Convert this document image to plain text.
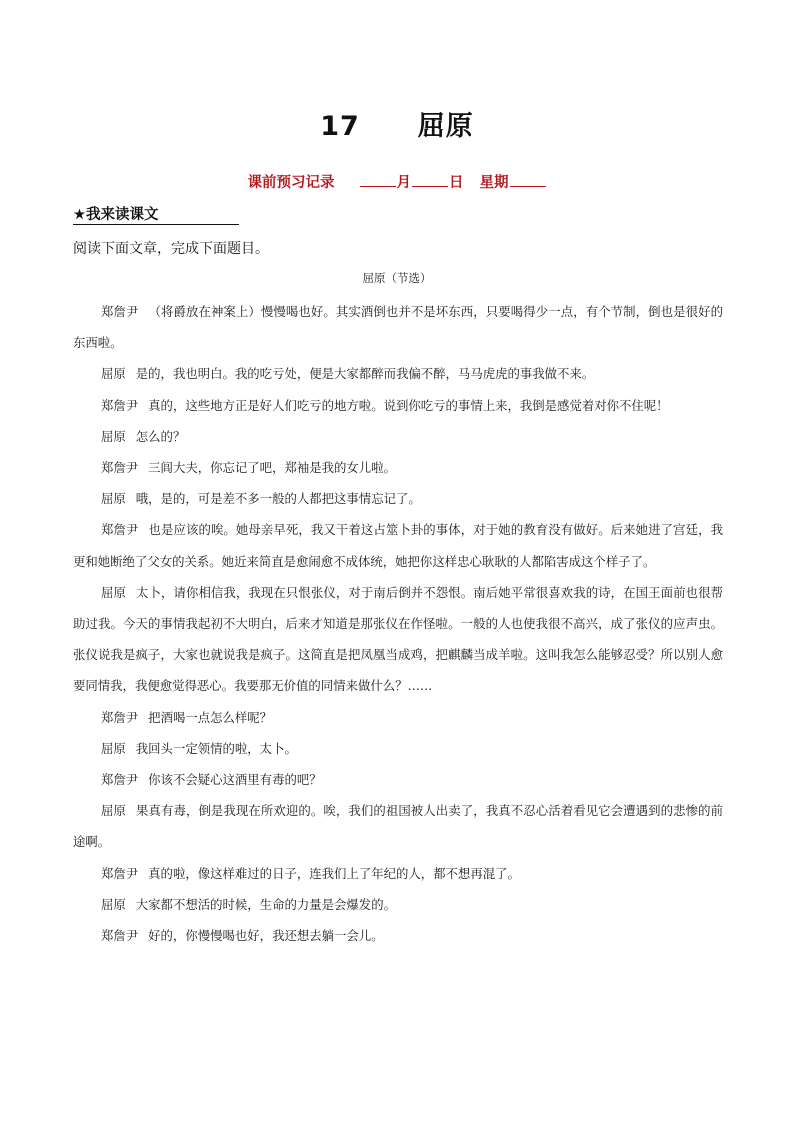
17 屈原
课前预习记录	月	日 星期
★我来读课文
阅读下面文章，完成下面题目。
屈原（节选）

郑詹尹 （将爵放在神案上）慢慢喝也好。其实酒倒也并不是坏东西，只要喝得少一点，有个节制，倒也是很好的东西啦。

屈原 是的，我也明白。我的吃亏处，便是大家都醉而我偏不醉，马马虎虎的事我做不来。

郑詹尹 真的，这些地方正是好人们吃亏的地方啦。说到你吃亏的事情上来，我倒是感觉着对你不住呢！

屈原 怎么的？

郑詹尹 三闾大夫，你忘记了吧，郑袖是我的女儿啦。

屈原 哦，是的，可是差不多一般的人都把这事情忘记了。

郑詹尹 也是应该的唉。她母亲早死，我又干着这占筮卜卦的事体，对于她的教育没有做好。后来她进了宫廷，我更和她断绝了父女的关系。她近来简直是愈闹愈不成体统，她把你这样忠心耿耿的人都陷害成这个样子了。

屈原 太卜，请你相信我，我现在只恨张仪，对于南后倒并不怨恨。南后她平常很喜欢我的诗，在国王面前也很帮助过我。今天的事情我起初不大明白，后来才知道是那张仪在作怪啦。一般的人也使我很不高兴，成了张仪的应声虫。张仪说我是疯子，大家也就说我是疯子。这简直是把凤凰当成鸡，把麒麟当成羊啦。这叫我怎么能够忍受？所以别人愈要同情我，我便愈觉得恶心。我要那无价值的同情来做什么？……

郑詹尹 把酒喝一点怎么样呢？

屈原 我回头一定领情的啦，太卜。

郑詹尹 你该不会疑心这酒里有毒的吧？

屈原 果真有毒，倒是我现在所欢迎的。唉，我们的祖国被人出卖了，我真不忍心活着看见它会遭遇到的悲惨的前途啊。

郑詹尹 真的啦，像这样难过的日子，连我们上了年纪的人，都不想再混了。

屈原 大家都不想活的时候，生命的力量是会爆发的。

郑詹尹 好的，你慢慢喝也好，我还想去躺一会儿。
